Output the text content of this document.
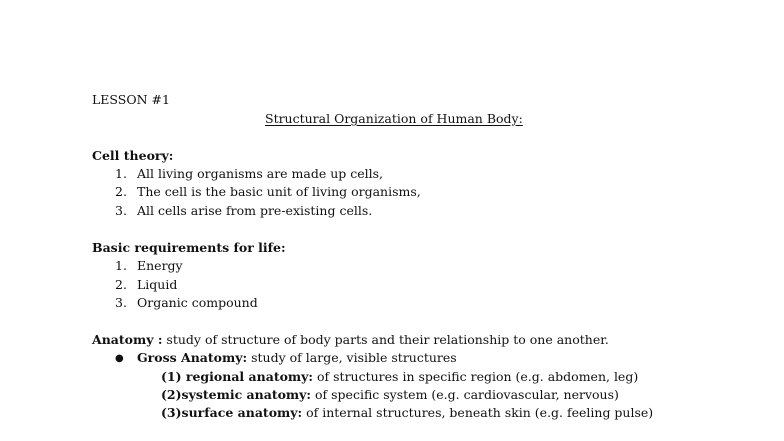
LESSON #1
Structural Organization of Human Body:
Cell theory:
1. All living organisms are made up cells,
2. The cell is the basic unit of living organisms,
3. All cells arise from pre-existing cells.
Basic requirements for life:
1. Energy
2. Liquid
3. Organic compound
Anatomy : study of structure of body parts and their relationship to one another.
● Gross Anatomy: study of large, visible structures
(1) regional anatomy: of structures in specific region (e.g. abdomen, leg)
(2)systemic anatomy: of specific system (e.g. cardiovascular, nervous)
(3)surface anatomy: of internal structures, beneath skin (e.g. feeling pulse)
